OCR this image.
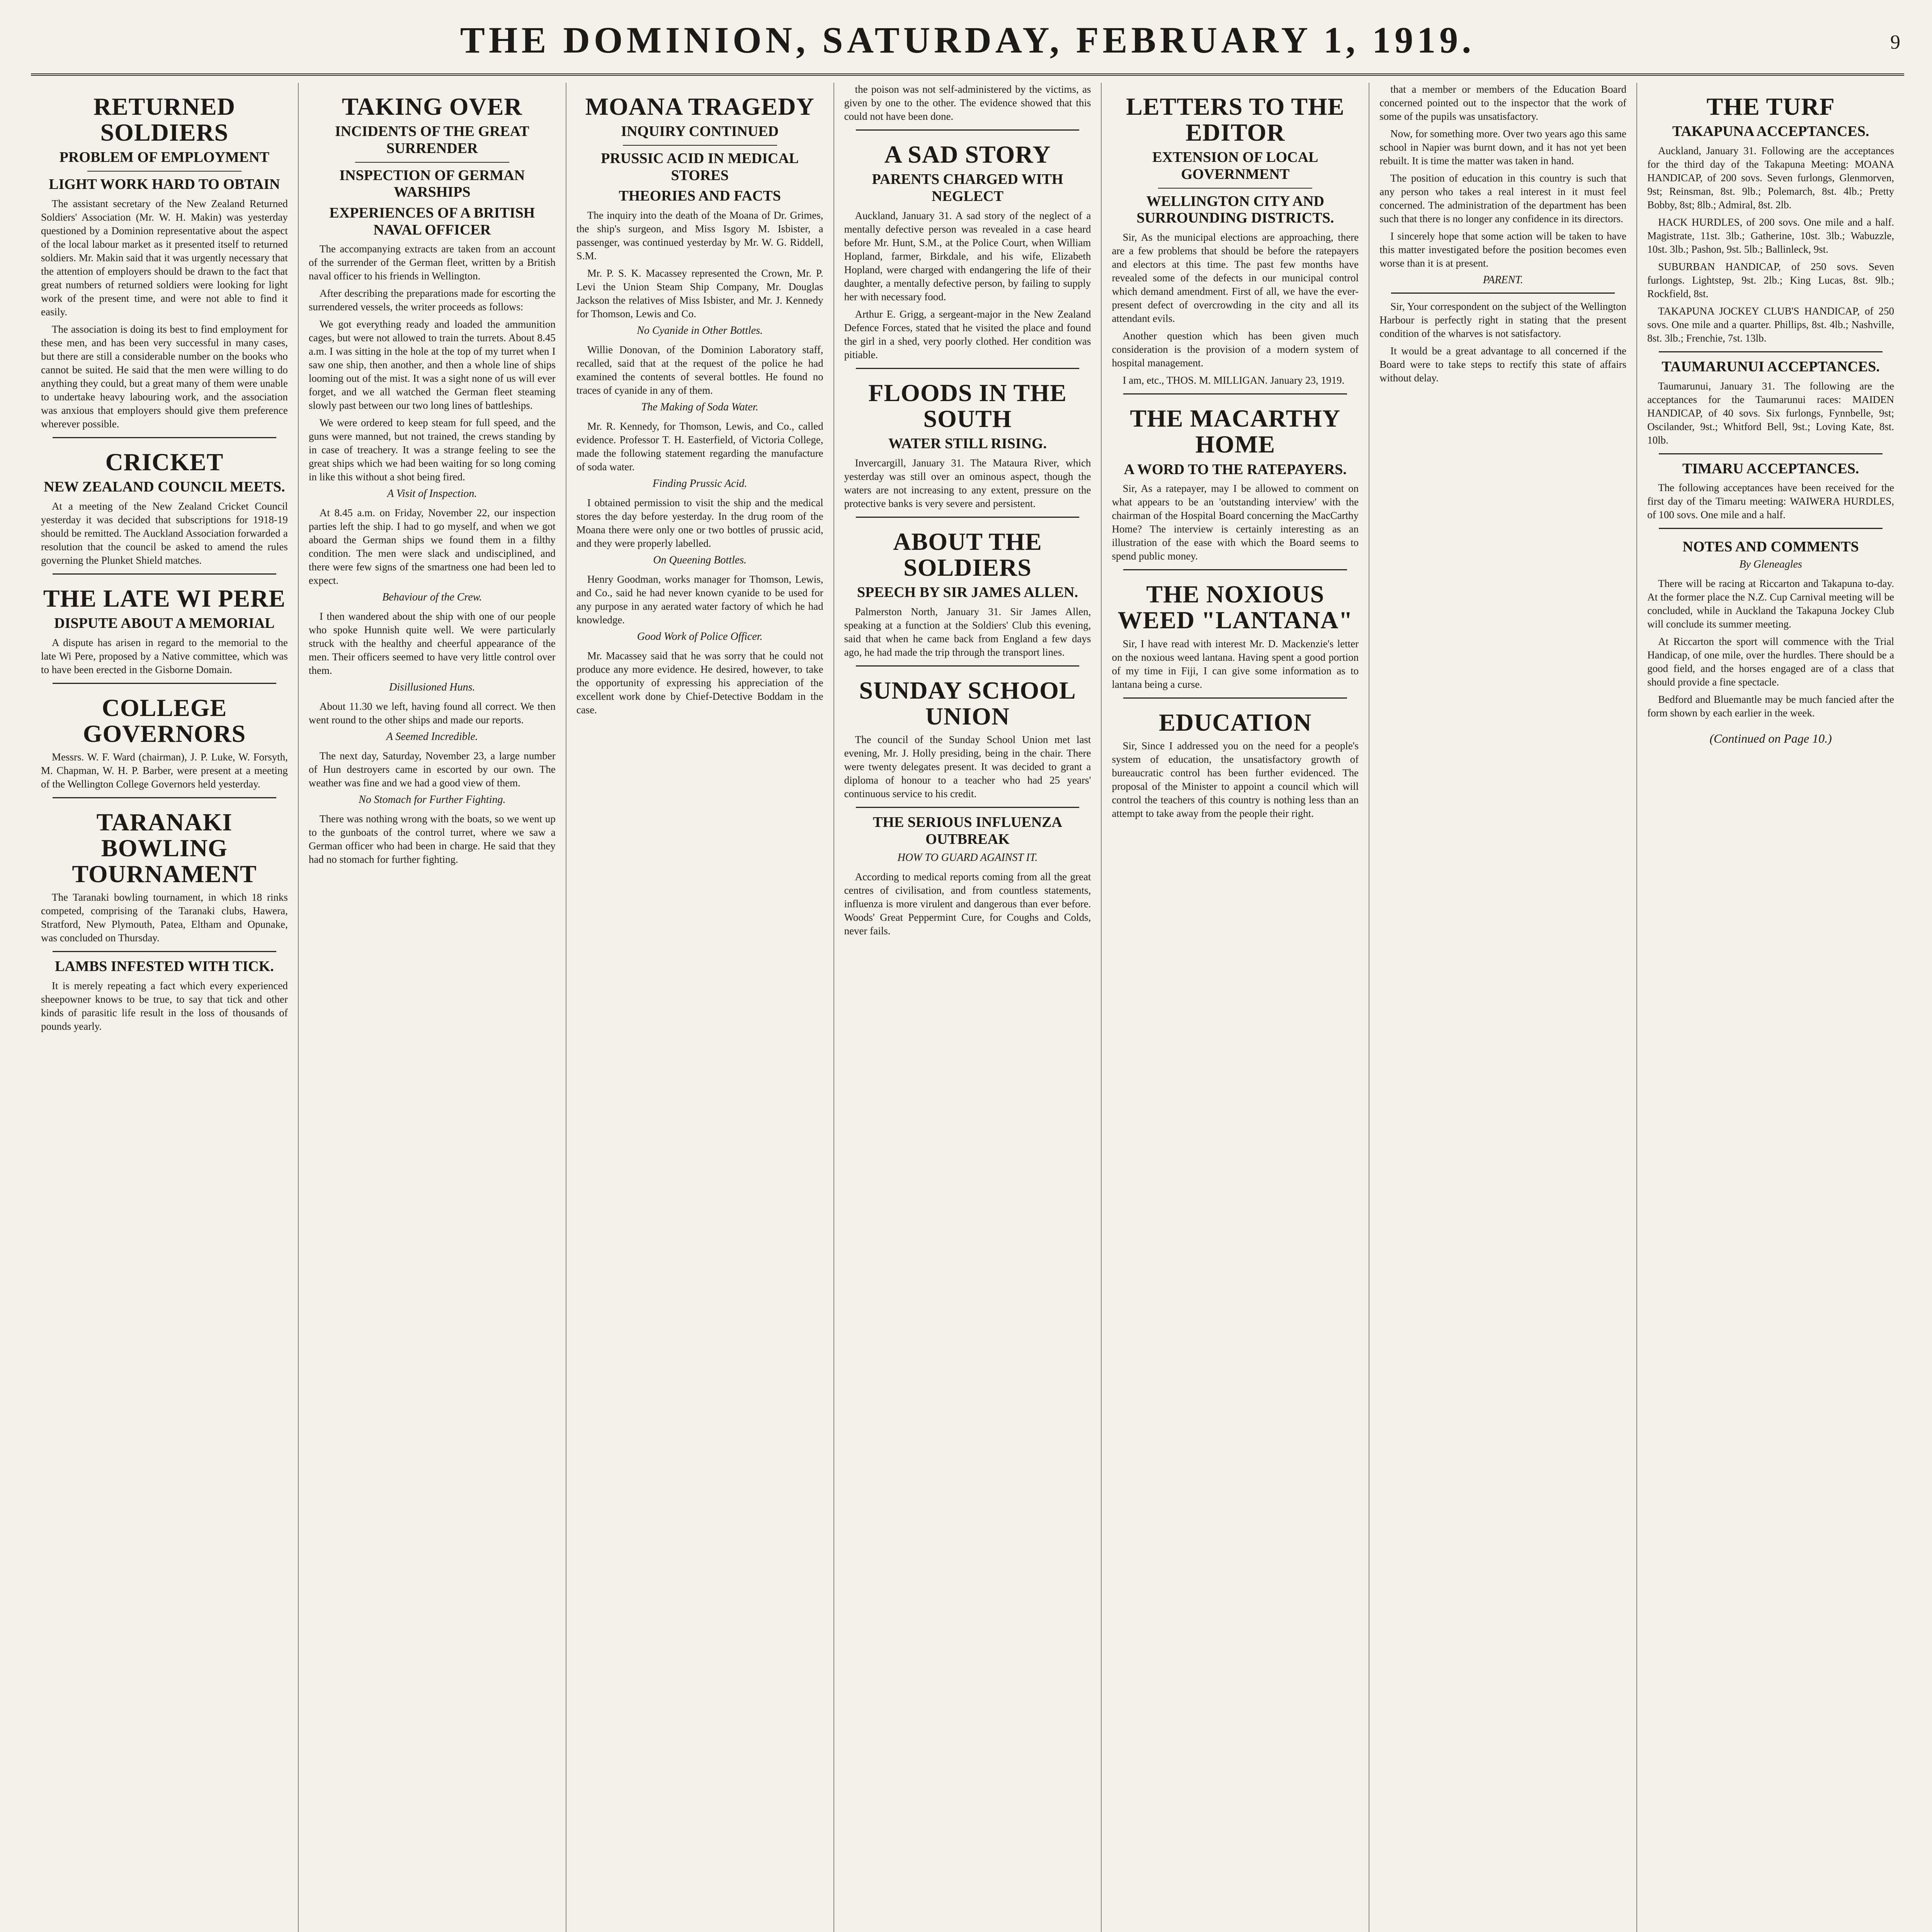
THE DOMINION, SATURDAY, FEBRUARY 1, 1919.	9
RETURNED SOLDIERS
PROBLEM OF EMPLOYMENT
LIGHT WORK HARD TO OBTAIN

The assistant secretary of the New Zealand Returned Soldiers' Association (Mr. W. H. Makin) was yesterday questioned by a Dominion representative about the aspect of the local labour market as it presented itself to returned soldiers. Mr. Makin said that it was urgently necessary that the attention of employers should be drawn to the fact that great numbers of returned soldiers were looking for light work of the present time, and were not able to find it easily.

The association is doing its best to find employment for these men, and has been very successful in many cases, but there are still a considerable number on the books who cannot be suited. He said that the men were willing to do anything they could, but a great many of them were unable to undertake heavy labouring work, and the association was anxious that employers should give them preference wherever possible.

CRICKET
NEW ZEALAND COUNCIL MEETS.

At a meeting of the New Zealand Cricket Council yesterday it was decided that subscriptions for 1918-19 should be remitted. The Auckland Association forwarded a resolution that the council be asked to amend the rules governing the Plunket Shield matches.

THE LATE WI PERE
DISPUTE ABOUT A MEMORIAL

A dispute has arisen in regard to the memorial to the late Wi Pere, proposed by a Native committee, which was to have been erected in the Gisborne Domain.

COLLEGE GOVERNORS

Messrs. W. F. Ward (chairman), J. P. Luke, W. Forsyth, M. Chapman, W. H. P. Barber, were present at a meeting of the Wellington College Governors held yesterday.

TARANAKI BOWLING TOURNAMENT

The Taranaki bowling tournament, in which 18 rinks competed, comprising of the Taranaki clubs, Hawera, Stratford, New Plymouth, Patea, Eltham and Opunake, was concluded on Thursday.

LAMBS INFESTED WITH TICK.

It is merely repeating a fact which every experienced sheepowner knows to be true, to say that tick and other kinds of parasitic life result in the loss of thousands of pounds yearly.

TAKING OVER
INCIDENTS OF THE GREAT SURRENDER
INSPECTION OF GERMAN WARSHIPS
EXPERIENCES OF A BRITISH NAVAL OFFICER

The accompanying extracts are taken from an account of the surrender of the German fleet, written by a British naval officer to his friends in Wellington.

After describing the preparations made for escorting the surrendered vessels, the writer proceeds as follows:

We got everything ready and loaded the ammunition cages, but were not allowed to train the turrets. About 8.45 a.m. I was sitting in the hole at the top of my turret when I saw one ship, then another, and then a whole line of ships looming out of the mist. It was a sight none of us will ever forget, and we all watched the German fleet steaming slowly past between our two long lines of battleships.

We were ordered to keep steam for full speed, and the guns were manned, but not trained, the crews standing by in case of treachery. It was a strange feeling to see the great ships which we had been waiting for so long coming in like this without a shot being fired.

A Visit of Inspection.

At 8.45 a.m. on Friday, November 22, our inspection parties left the ship. I had to go myself, and when we got aboard the German ships we found them in a filthy condition. The men were slack and undisciplined, and there were few signs of the smartness one had been led to expect.

Behaviour of the Crew.

I then wandered about the ship with one of our people who spoke Hunnish quite well. We were particularly struck with the healthy and cheerful appearance of the men. Their officers seemed to have very little control over them.

Disillusioned Huns.

About 11.30 we left, having found all correct. We then went round to the other ships and made our reports.

A Seemed Incredible.

The next day, Saturday, November 23, a large number of Hun destroyers came in escorted by our own. The weather was fine and we had a good view of them.

No Stomach for Further Fighting.

There was nothing wrong with the boats, so we went up to the gunboats of the control turret, where we saw a German officer who had been in charge. He said that they had no stomach for further fighting.

MOANA TRAGEDY
INQUIRY CONTINUED
PRUSSIC ACID IN MEDICAL STORES
THEORIES AND FACTS

The inquiry into the death of the Moana of Dr. Grimes, the ship's surgeon, and Miss Isgory M. Isbister, a passenger, was continued yesterday by Mr. W. G. Riddell, S.M.

Mr. P. S. K. Macassey represented the Crown, Mr. P. Levi the Union Steam Ship Company, Mr. Douglas Jackson the relatives of Miss Isbister, and Mr. J. Kennedy for Thomson, Lewis and Co.

No Cyanide in Other Bottles.

Willie Donovan, of the Dominion Laboratory staff, recalled, said that at the request of the police he had examined the contents of several bottles. He found no traces of cyanide in any of them.

The Making of Soda Water.

Mr. R. Kennedy, for Thomson, Lewis, and Co., called evidence. Professor T. H. Easterfield, of Victoria College, made the following statement regarding the manufacture of soda water.

Finding Prussic Acid.

I obtained permission to visit the ship and the medical stores the day before yesterday. In the drug room of the Moana there were only one or two bottles of prussic acid, and they were properly labelled.

On Queening Bottles.

Henry Goodman, works manager for Thomson, Lewis, and Co., said he had never known cyanide to be used for any purpose in any aerated water factory of which he had knowledge.

Good Work of Police Officer.

Mr. Macassey said that he was sorry that he could not produce any more evidence. He desired, however, to take the opportunity of expressing his appreciation of the excellent work done by Chief-Detective Boddam in the case.

the poison was not self-administered by the victims, as given by one to the other. The evidence showed that this could not have been done.

A SAD STORY
PARENTS CHARGED WITH NEGLECT

Auckland, January 31. A sad story of the neglect of a mentally defective person was revealed in a case heard before Mr. Hunt, S.M., at the Police Court, when William Hopland, farmer, Birkdale, and his wife, Elizabeth Hopland, were charged with endangering the life of their daughter, a mentally defective person, by failing to supply her with necessary food.

Arthur E. Grigg, a sergeant-major in the New Zealand Defence Forces, stated that he visited the place and found the girl in a shed, very poorly clothed. Her condition was pitiable.

FLOODS IN THE SOUTH
WATER STILL RISING.

Invercargill, January 31. The Mataura River, which yesterday was still over an ominous aspect, though the waters are not increasing to any extent, pressure on the protective banks is very severe and persistent.

ABOUT THE SOLDIERS
SPEECH BY SIR JAMES ALLEN.

Palmerston North, January 31. Sir James Allen, speaking at a function at the Soldiers' Club this evening, said that when he came back from England a few days ago, he had made the trip through the transport lines.

SUNDAY SCHOOL UNION

The council of the Sunday School Union met last evening, Mr. J. Holly presiding, being in the chair. There were twenty delegates present. It was decided to grant a diploma of honour to a teacher who had 25 years' continuous service to his credit.

THE SERIOUS INFLUENZA OUTBREAK
HOW TO GUARD AGAINST IT.

According to medical reports coming from all the great centres of civilisation, and from countless statements, influenza is more virulent and dangerous than ever before. Woods' Great Peppermint Cure, for Coughs and Colds, never fails.

LETTERS TO THE EDITOR
EXTENSION OF LOCAL GOVERNMENT
WELLINGTON CITY AND SURROUNDING DISTRICTS.

Sir, As the municipal elections are approaching, there are a few problems that should be before the ratepayers and electors at this time. The past few months have revealed some of the defects in our municipal control which demand amendment. First of all, we have the ever-present defect of overcrowding in the city and all its attendant evils.

Another question which has been given much consideration is the provision of a modern system of hospital management.

I am, etc., THOS. M. MILLIGAN. January 23, 1919.

THE MACARTHY HOME
A WORD TO THE RATEPAYERS.

Sir, As a ratepayer, may I be allowed to comment on what appears to be an 'outstanding interview' with the chairman of the Hospital Board concerning the MacCarthy Home? The interview is certainly interesting as an illustration of the ease with which the Board seems to spend public money.

THE NOXIOUS WEED "LANTANA"

Sir, I have read with interest Mr. D. Mackenzie's letter on the noxious weed lantana. Having spent a good portion of my time in Fiji, I can give some information as to lantana being a curse.

EDUCATION

Sir, Since I addressed you on the need for a people's system of education, the unsatisfactory growth of bureaucratic control has been further evidenced. The proposal of the Minister to appoint a council which will control the teachers of this country is nothing less than an attempt to take away from the people their right.

that a member or members of the Education Board concerned pointed out to the inspector that the work of some of the pupils was unsatisfactory.

Now, for something more. Over two years ago this same school in Napier was burnt down, and it has not yet been rebuilt. It is time the matter was taken in hand.

The position of education in this country is such that any person who takes a real interest in it must feel concerned. The administration of the department has been such that there is no longer any confidence in its directors.

I sincerely hope that some action will be taken to have this matter investigated before the position becomes even worse than it is at present.

PARENT.

Sir, Your correspondent on the subject of the Wellington Harbour is perfectly right in stating that the present condition of the wharves is not satisfactory.

It would be a great advantage to all concerned if the Board were to take steps to rectify this state of affairs without delay.

THE TURF
TAKAPUNA ACCEPTANCES.

Auckland, January 31. Following are the acceptances for the third day of the Takapuna Meeting: MOANA HANDICAP, of 200 sovs. Seven furlongs, Glenmorven, 9st; Reinsman, 8st. 9lb.; Polemarch, 8st. 4lb.; Pretty Bobby, 8st; 8lb.; Admiral, 8st. 2lb.

HACK HURDLES, of 200 sovs. One mile and a half. Magistrate, 11st. 3lb.; Gatherine, 10st. 3lb.; Wabuzzle, 10st. 3lb.; Pashon, 9st. 5lb.; Ballinleck, 9st.

SUBURBAN HANDICAP, of 250 sovs. Seven furlongs. Lightstep, 9st. 2lb.; King Lucas, 8st. 9lb.; Rockfield, 8st.

TAKAPUNA JOCKEY CLUB'S HANDICAP, of 250 sovs. One mile and a quarter. Phillips, 8st. 4lb.; Nashville, 8st. 3lb.; Frenchie, 7st. 13lb.

TAUMARUNUI ACCEPTANCES.

Taumarunui, January 31. The following are the acceptances for the Taumarunui races: MAIDEN HANDICAP, of 40 sovs. Six furlongs, Fynnbelle, 9st; Oscilander, 9st.; Whitford Bell, 9st.; Loving Kate, 8st. 10lb.

TIMARU ACCEPTANCES.

The following acceptances have been received for the first day of the Timaru meeting: WAIWERA HURDLES, of 100 sovs. One mile and a half.

NOTES AND COMMENTS
By Gleneagles

There will be racing at Riccarton and Takapuna to-day. At the former place the N.Z. Cup Carnival meeting will be concluded, while in Auckland the Takapuna Jockey Club will conclude its summer meeting.

At Riccarton the sport will commence with the Trial Handicap, of one mile, over the hurdles. There should be a good field, and the horses engaged are of a class that should provide a fine spectacle.

Bedford and Bluemantle may be much fancied after the form shown by each earlier in the week.

(Continued on Page 10.)
